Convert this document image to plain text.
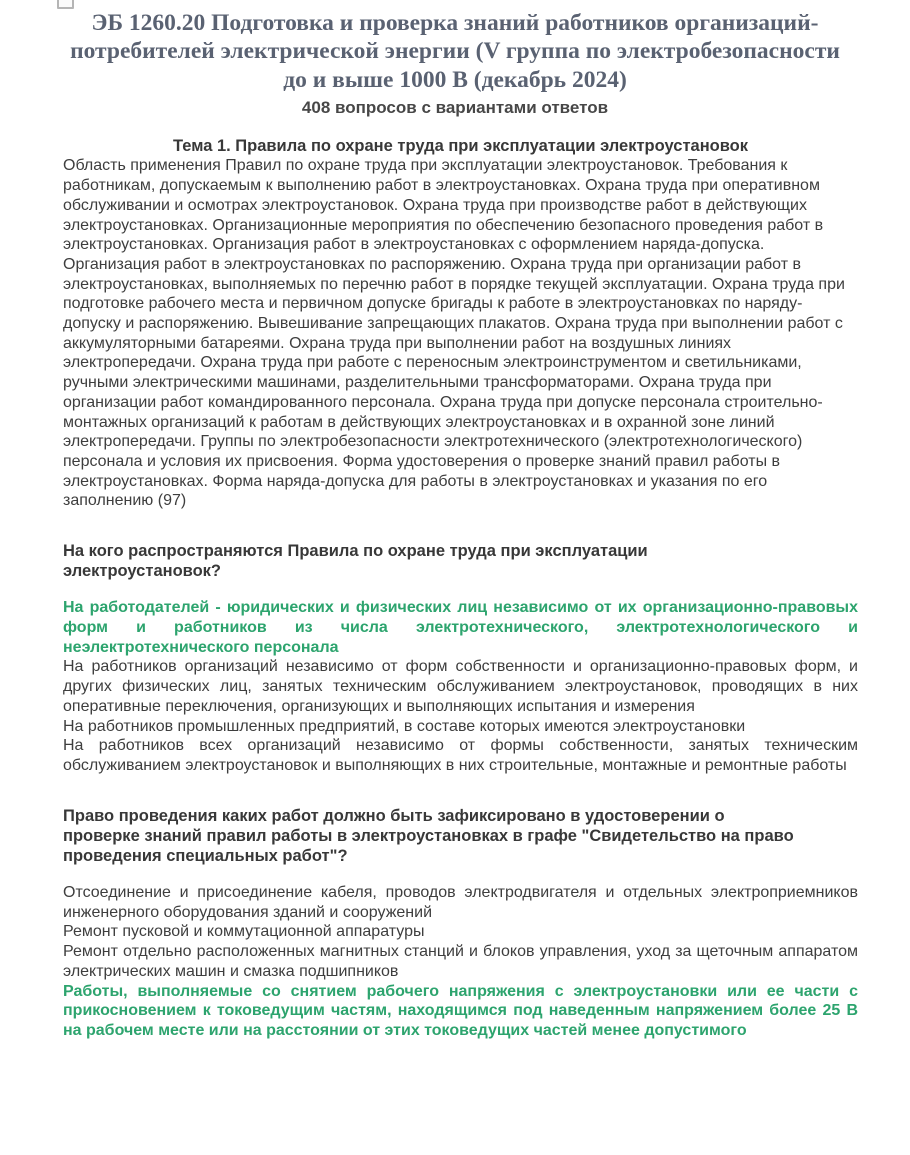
ЭБ 1260.20 Подготовка и проверка знаний работников организаций-
потребителей электрической энергии (V группа по электробезопасности
до и выше 1000 В (декабрь 2024)
408 вопросов с вариантами ответов
Тема 1. Правила по охране труда при эксплуатации электроустановок

Область применения Правил по охране труда при эксплуатации электроустановок. Требования к работникам, допускаемым к выполнению работ в электроустановках. Охрана труда при оперативном обслуживании и осмотрах электроустановок. Охрана труда при производстве работ в действующих электроустановках. Организационные мероприятия по обеспечению безопасного проведения работ в электроустановках. Организация работ в электроустановках с оформлением наряда-допуска. Организация работ в электроустановках по распоряжению. Охрана труда при организации работ в электроустановках, выполняемых по перечню работ в порядке текущей эксплуатации. Охрана труда при подготовке рабочего места и первичном допуске бригады к работе в электроустановках по наряду-допуску и распоряжению. Вывешивание запрещающих плакатов. Охрана труда при выполнении работ с аккумуляторными батареями. Охрана труда при выполнении работ на воздушных линиях электропередачи. Охрана труда при работе с переносным электроинструментом и светильниками, ручными электрическими машинами, разделительными трансформаторами. Охрана труда при организации работ командированного персонала. Охрана труда при допуске персонала строительно-монтажных организаций к работам в действующих электроустановках и в охранной зоне линий электропередачи. Группы по электробезопасности электротехнического (электротехнологического) персонала и условия их присвоения. Форма удостоверения о проверке знаний правил работы в электроустановках. Форма наряда-допуска для работы в электроустановках и указания по его заполнению (97)

На кого распространяются Правила по охране труда при эксплуатации электроустановок?

На работодателей - юридических и физических лиц независимо от их организационно-правовых форм и работников из числа электротехнического, электротехнологического и неэлектротехнического персонала

На работников организаций независимо от форм собственности и организационно-правовых форм, и других физических лиц, занятых техническим обслуживанием электроустановок, проводящих в них оперативные переключения, организующих и выполняющих испытания и измерения

На работников промышленных предприятий, в составе которых имеются электроустановки

На работников всех организаций независимо от формы собственности, занятых техническим обслуживанием электроустановок и выполняющих в них строительные, монтажные и ремонтные работы

Право проведения каких работ должно быть зафиксировано в удостоверении о проверке знаний правил работы в электроустановках в графе "Свидетельство на право проведения специальных работ"?

Отсоединение и присоединение кабеля, проводов электродвигателя и отдельных электроприемников инженерного оборудования зданий и сооружений

Ремонт пусковой и коммутационной аппаратуры

Ремонт отдельно расположенных магнитных станций и блоков управления, уход за щеточным аппаратом электрических машин и смазка подшипников

Работы, выполняемые со снятием рабочего напряжения с электроустановки или ее части с прикосновением к токоведущим частям, находящимся под наведенным напряжением более 25 В на рабочем месте или на расстоянии от этих токоведущих частей менее допустимого
